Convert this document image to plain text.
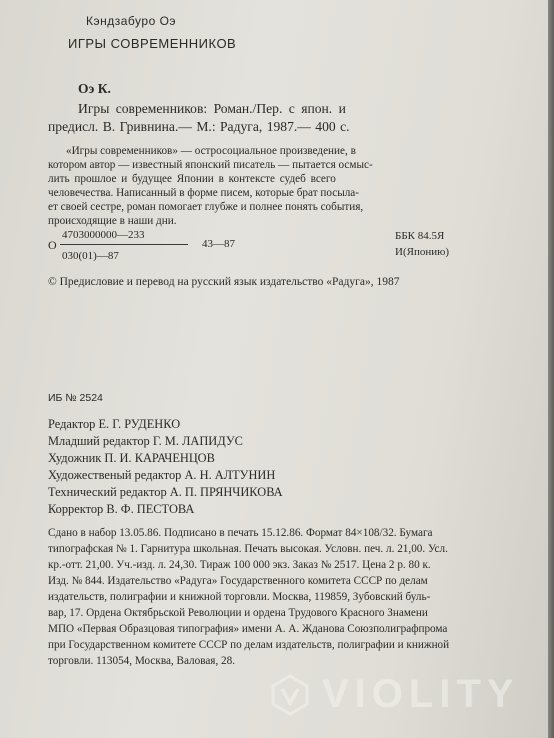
Кэндзабуро Оэ
ИГРЫ СОВРЕМЕННИКОВ
Оэ К.
Игры современников: Роман./Пер. с япон. и
предисл. В. Гривнина.— М.: Радуга, 1987.— 400 с.
«Игры современников» — остросоциальное произведение, в
котором автор — известный японский писатель — пытается осмыс-
лить прошлое и будущее Японии в контексте судеб всего
человечества. Написанный в форме писем, которые брат посыла-
ет своей сестре, роман помогает глубже и полнее понять события,
происходящие в наши дни.
О
4703000000—233
030(01)—87
43—87
ББК 84.5Я
И(Японию)
© Предисловие и перевод на русский язык издательство «Радуга», 1987
ИБ № 2524
Редактор Е. Г. РУДЕНКО
Младший редактор Г. М. ЛАПИДУС
Художник П. И. КАРАЧЕНЦОВ
Художественый редактор А. Н. АЛТУНИН
Технический редактор А. П. ПРЯНЧИКОВА
Корректор В. Ф. ПЕСТОВА
Сдано в набор 13.05.86. Подписано в печать 15.12.86. Формат 84×108/32. Бумага
типографская № 1. Гарнитура школьная. Печать высокая. Условн. печ. л. 21,00. Усл.
кр.-отт. 21,00. Уч.-изд. л. 24,30. Тираж 100 000 экз. Заказ № 2517. Цена 2 р. 80 к.
Изд. № 844. Издательство «Радуга» Государственного комитета СССР по делам
издательств, полиграфии и книжной торговли. Москва, 119859, Зубовский буль-
вар, 17. Ордена Октябрьской Революции и ордена Трудового Красного Знамени
МПО «Первая Образцовая типография» имени А. А. Жданова Союзполиграфпрома
при Государственном комитете СССР по делам издательств, полиграфии и книжной
торговли. 113054, Москва, Валовая, 28.
VIOLITY
